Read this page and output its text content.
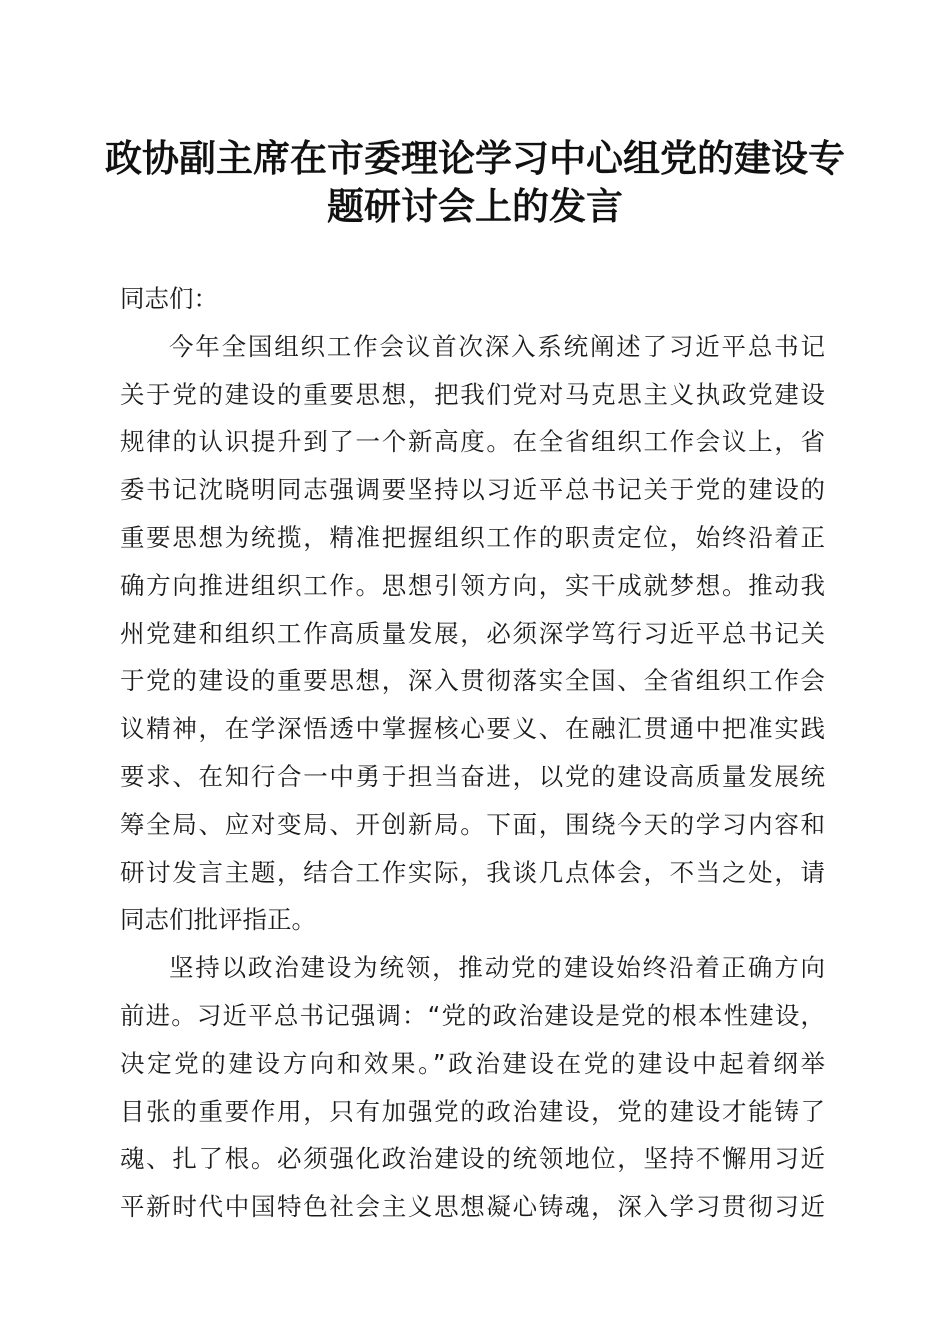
政协副主席在市委理论学习中心组党的建设专
题研讨会上的发言

同志们：

今年全国组织工作会议首次深入系统阐述了习近平总书记
关于党的建设的重要思想，把我们党对马克思主义执政党建设
规律的认识提升到了一个新高度。在全省组织工作会议上，省
委书记沈晓明同志强调要坚持以习近平总书记关于党的建设的
重要思想为统揽，精准把握组织工作的职责定位，始终沿着正
确方向推进组织工作。思想引领方向，实干成就梦想。推动我
州党建和组织工作高质量发展，必须深学笃行习近平总书记关
于党的建设的重要思想，深入贯彻落实全国、全省组织工作会
议精神，在学深悟透中掌握核心要义、在融汇贯通中把准实践
要求、在知行合一中勇于担当奋进，以党的建设高质量发展统
筹全局、应对变局、开创新局。下面，围绕今天的学习内容和
研讨发言主题，结合工作实际，我谈几点体会，不当之处，请
同志们批评指正。

坚持以政治建设为统领，推动党的建设始终沿着正确方向
前进。习近平总书记强调：“党的政治建设是党的根本性建设，
决定党的建设方向和效果。”政治建设在党的建设中起着纲举
目张的重要作用，只有加强党的政治建设，党的建设才能铸了
魂、扎了根。必须强化政治建设的统领地位，坚持不懈用习近
平新时代中国特色社会主义思想凝心铸魂，深入学习贯彻习近
